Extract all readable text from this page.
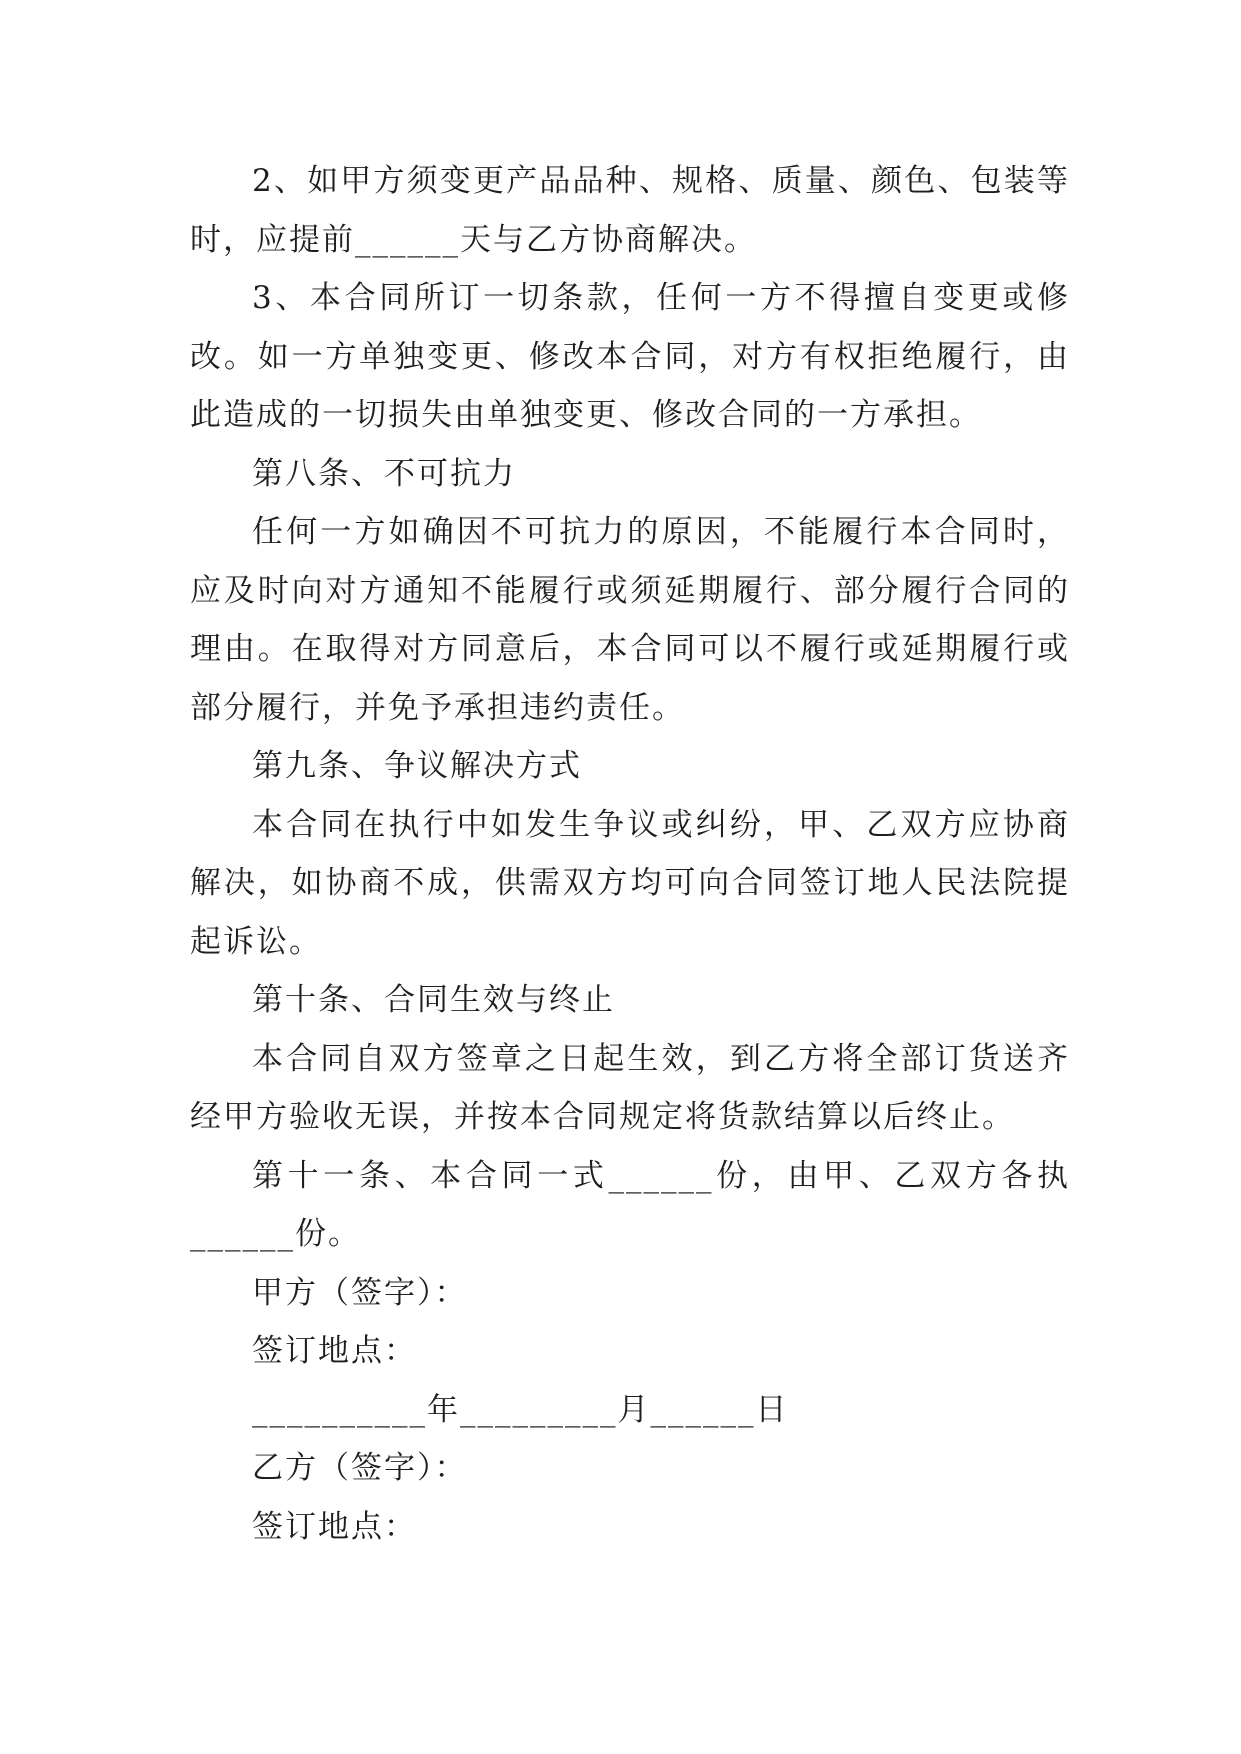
2、如甲方须变更产品品种、规格、质量、颜色、包装等时，应提前______天与乙方协商解决。

3、本合同所订一切条款，任何一方不得擅自变更或修改。如一方单独变更、修改本合同，对方有权拒绝履行，由此造成的一切损失由单独变更、修改合同的一方承担。

第八条、不可抗力

任何一方如确因不可抗力的原因，不能履行本合同时，应及时向对方通知不能履行或须延期履行、部分履行合同的理由。在取得对方同意后，本合同可以不履行或延期履行或部分履行，并免予承担违约责任。

第九条、争议解决方式

本合同在执行中如发生争议或纠纷，甲、乙双方应协商解决，如协商不成，供需双方均可向合同签订地人民法院提起诉讼。

第十条、合同生效与终止

本合同自双方签章之日起生效，到乙方将全部订货送齐经甲方验收无误，并按本合同规定将货款结算以后终止。

第十一条、本合同一式______份，由甲、乙双方各执______份。

甲方（签字）：

签订地点：

__________年_________月______日

乙方（签字）：

签订地点：
